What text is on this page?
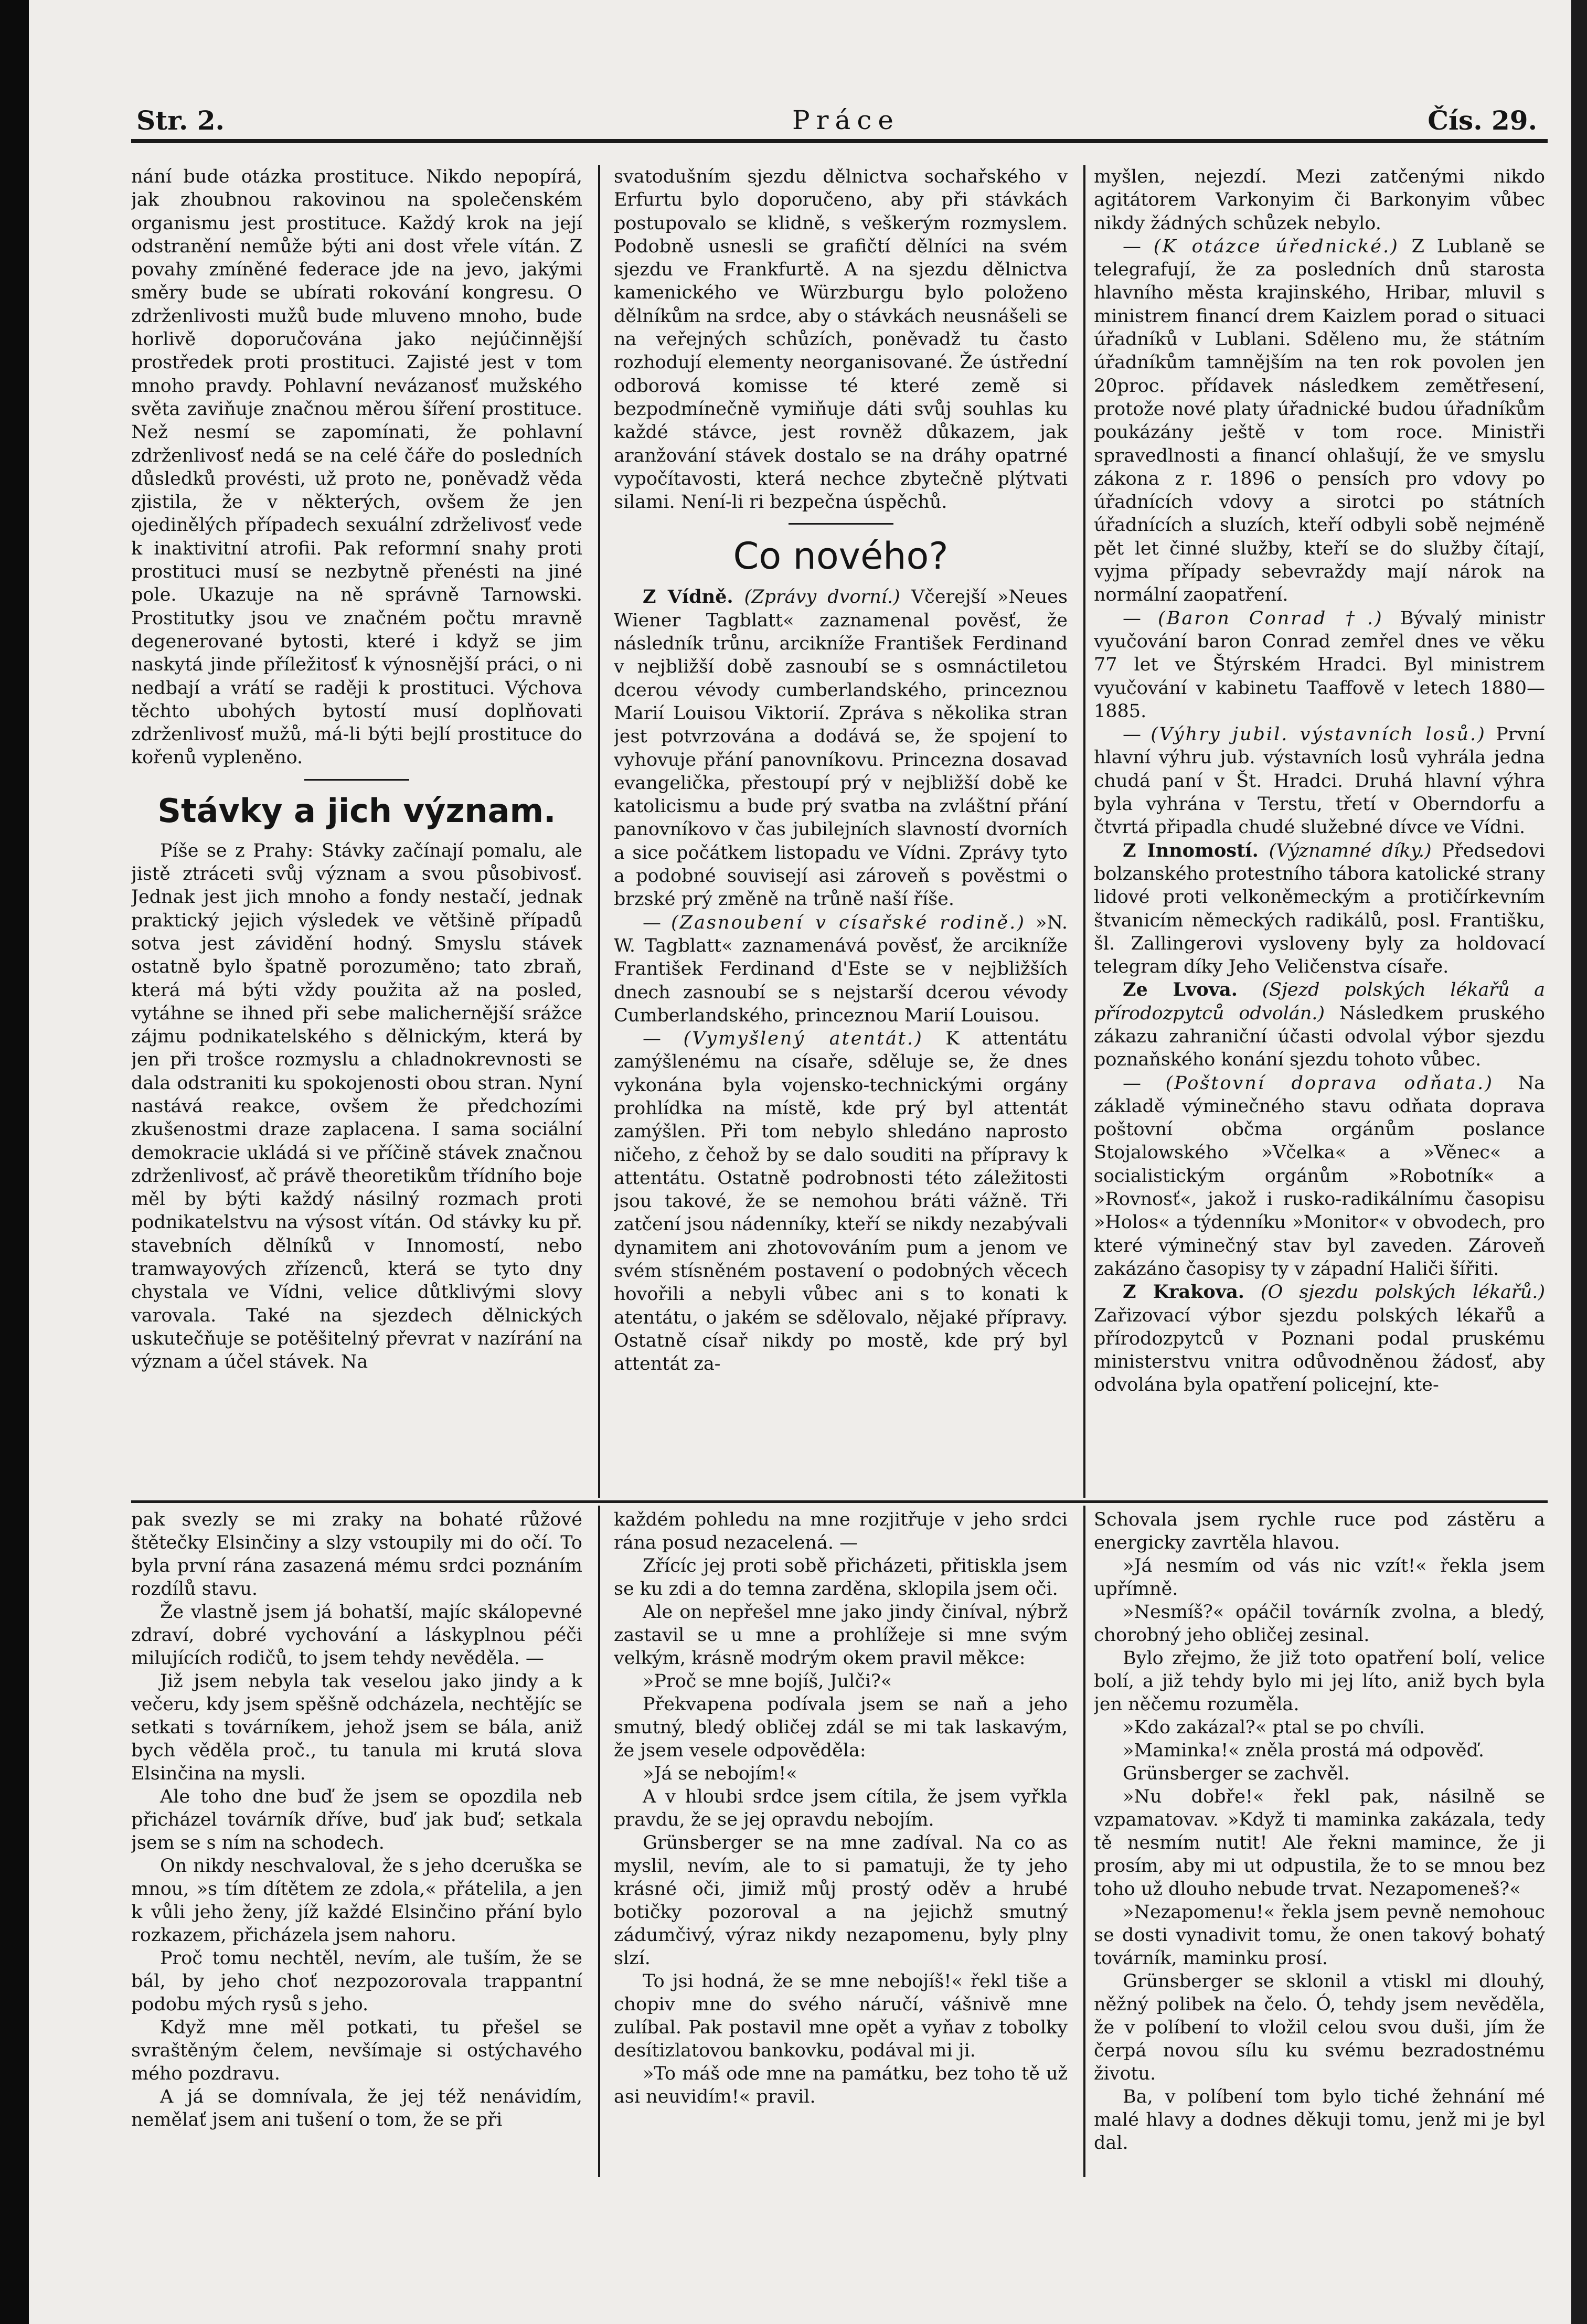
Str. 2.	Práce	Čís. 29.

nání bude otázka prostituce. Nikdo nepopírá, jak zhoubnou rakovinou na společenském organismu jest prostituce. Každý krok na její odstranění nemůže býti ani dost vřele vítán. Z povahy zmíněné federace jde na jevo, jakými směry bude se ubírati rokování kongresu. O zdrženlivosti mužů bude mluveno mnoho, bude horlivě doporučována jako nejúčinnější prostředek proti prostituci. Zajisté jest v tom mnoho pravdy. Pohlavní nevázanosť mužského světa zaviňuje značnou měrou šíření prostituce. Než nesmí se zapomínati, že pohlavní zdrženlivosť nedá se na celé čáře do posledních důsledků provésti, už proto ne, poněvadž věda zjistila, že v některých, ovšem že jen ojedinělých případech sexuální zdrželivosť vede k inaktivitní atrofii. Pak reformní snahy proti prostituci musí se nezbytně přenésti na jiné pole. Ukazuje na ně správně Tarnowski. Prostitutky jsou ve značném počtu mravně degenerované bytosti, které i když se jim naskytá jinde příležitosť k výnosnější práci, o ni nedbají a vrátí se raději k prostituci. Výchova těchto ubohých bytostí musí doplňovati zdrženlivosť mužů, má-li býti bejlí prostituce do kořenů vypleněno.

Stávky a jich význam.

Píše se z Prahy: Stávky začínají pomalu, ale jistě ztráceti svůj význam a svou působivosť. Jednak jest jich mnoho a fondy nestačí, jednak praktický jejich výsledek ve většině případů sotva jest závidění hodný. Smyslu stávek ostatně bylo špatně porozuměno; tato zbraň, která má býti vždy použita až na posled, vytáhne se ihned při sebe malichernější srážce zájmu podnikatelského s dělnickým, která by jen při trošce rozmyslu a chladnokrevnosti se dala odstraniti ku spokojenosti obou stran. Nyní nastává reakce, ovšem že předchozími zkušenostmi draze zaplacena. I sama sociální demokracie ukládá si ve příčině stávek značnou zdrženlivosť, ač právě theoretikům třídního boje měl by býti každý násilný rozmach proti podnikatelstvu na výsost vítán. Od stávky ku př. stavebních dělníků v Innomostí, nebo tramwayových zřízenců, která se tyto dny chystala ve Vídni, velice důtklivými slovy varovala. Také na sjezdech dělnických uskutečňuje se potěšitelný převrat v nazírání na význam a účel stávek. Na

svatodušním sjezdu dělnictva sochařského v Erfurtu bylo doporučeno, aby při stávkách postupovalo se klidně, s veškerým rozmyslem. Podobně usnesli se grafičtí dělníci na svém sjezdu ve Frankfurtě. A na sjezdu dělnictva kamenického ve Würzburgu bylo položeno dělníkům na srdce, aby o stávkách neusnášeli se na veřejných schůzích, poněvadž tu často rozhodují elementy neorganisované. Že ústřední odborová komisse té které země si bezpodmínečně vymiňuje dáti svůj souhlas ku každé stávce, jest rovněž důkazem, jak aranžování stávek dostalo se na dráhy opatrné vypočítavosti, která nechce zbytečně plýtvati silami. Není-li ri bezpečna úspěchů.

Co nového?

Z Vídně. (Zprávy dvorní.) Včerejší »Neues Wiener Tagblatt« zaznamenal pověsť, že následník trůnu, arcikníže František Ferdinand v nejbližší době zasnoubí se s osmnáctiletou dcerou vévody cumberlandského, princeznou Marií Louisou Viktorií. Zpráva s několika stran jest potvrzována a dodává se, že spojení to vyhovuje přání panovníkovu. Princezna dosavad evangelička, přestoupí prý v nejbližší době ke katolicismu a bude prý svatba na zvláštní přání panovníkovo v čas jubilejních slavností dvorních a sice počátkem listopadu ve Vídni. Zprávy tyto a podobné souvisejí asi zároveň s pověstmi o brzské prý změně na trůně naší říše.

— (Zasnoubení v císařské rodině.) »N. W. Tagblatt« zaznamenává pověsť, že arcikníže František Ferdinand d'Este se v nejbližších dnech zasnoubí se s nejstarší dcerou vévody Cumberlandského, princeznou Marií Louisou.

— (Vymyšlený atentát.) K attentátu zamýšlenému na císaře, sděluje se, že dnes vykonána byla vojensko-technickými orgány prohlídka na místě, kde prý byl attentát zamýšlen. Při tom nebylo shledáno naprosto ničeho, z čehož by se dalo souditi na přípravy k attentátu. Ostatně podrobnosti této záležitosti jsou takové, že se nemohou bráti vážně. Tři zatčení jsou nádenníky, kteří se nikdy nezabývali dynamitem ani zhotovováním pum a jenom ve svém stísněném postavení o podobných věcech hovořili a nebyli vůbec ani s to konati k atentátu, o jakém se sdělovalo, nějaké přípravy. Ostatně císař nikdy po mostě, kde prý byl attentát za-

myšlen, nejezdí. Mezi zatčenými nikdo agitátorem Varkonyim či Barkonyim vůbec nikdy žádných schůzek nebylo.

— (K otázce úřednické.) Z Lublaně se telegrafují, že za posledních dnů starosta hlavního města krajinského, Hribar, mluvil s ministrem financí drem Kaizlem porad o situaci úřadníků v Lublani. Sděleno mu, že státním úřadníkům tamnějším na ten rok povolen jen 20proc. přídavek následkem zemětřesení, protože nové platy úřadnické budou úřadníkům poukázány ještě v tom roce. Ministři spravedlnosti a financí ohlašují, že ve smyslu zákona z r. 1896 o pensích pro vdovy po úřadnících vdovy a sirotci po státních úřadnících a sluzích, kteří odbyli sobě nejméně pět let činné služby, kteří se do služby čítají, vyjma případy sebevraždy mají nárok na normální zaopatření.

— (Baron Conrad †.) Bývalý ministr vyučování baron Conrad zemřel dnes ve věku 77 let ve Štýrském Hradci. Byl ministrem vyučování v kabinetu Taaffově v letech 1880—1885.

— (Výhry jubil. výstavních losů.) První hlavní výhru jub. výstavních losů vyhrála jedna chudá paní v Št. Hradci. Druhá hlavní výhra byla vyhrána v Terstu, třetí v Oberndorfu a čtvrtá připadla chudé služebné dívce ve Vídni.

Z Innomostí. (Významné díky.) Předsedovi bolzanského protestního tábora katolické strany lidové proti velkoněmeckým a protičírkevním štvanicím německých radikálů, posl. Františku, šl. Zallingerovi vysloveny byly za holdovací telegram díky Jeho Veličenstva císaře.

Ze Lvova. (Sjezd polských lékařů a přírodozpytců odvolán.) Následkem pruského zákazu zahraniční účasti odvolal výbor sjezdu poznaňského konání sjezdu tohoto vůbec.

— (Poštovní doprava odňata.) Na základě výminečného stavu odňata doprava poštovní občma orgánům poslance Stojalowského »Včelka« a »Věnec« a socialistickým orgánům »Robotník« a »Rovnosť«, jakož i rusko-radikálnímu časopisu »Holos« a týdenníku »Monitor« v obvodech, pro které výminečný stav byl zaveden. Zároveň zakázáno časopisy ty v západní Haliči šířiti.

Z Krakova. (O sjezdu polských lékařů.) Zařizovací výbor sjezdu polských lékařů a přírodozpytců v Poznani podal pruskému ministerstvu vnitra odůvodněnou žádosť, aby odvolána byla opatření policejní, kte-

pak svezly se mi zraky na bohaté růžové štětečky Elsinčiny a slzy vstoupily mi do očí. To byla první rána zasazená mému srdci poznáním rozdílů stavu.

Že vlastně jsem já bohatší, majíc skálopevné zdraví, dobré vychování a láskyplnou péči milujících rodičů, to jsem tehdy nevěděla. —

Již jsem nebyla tak veselou jako jindy a k večeru, kdy jsem spěšně odcházela, nechtějíc se setkati s továrníkem, jehož jsem se bála, aniž bych věděla proč., tu tanula mi krutá slova Elsinčina na mysli.

Ale toho dne buď že jsem se opozdila neb přicházel továrník dříve, buď jak buď; setkala jsem se s ním na schodech.

On nikdy neschvaloval, že s jeho dceruška se mnou, »s tím dítětem ze zdola,« přátelila, a jen k vůli jeho ženy, jíž každé Elsinčino přání bylo rozkazem, přicházela jsem nahoru.

Proč tomu nechtěl, nevím, ale tuším, že se bál, by jeho choť nezpozorovala trappantní podobu mých rysů s jeho.

Když mne měl potkati, tu přešel se svraštěným čelem, nevšímaje si ostýchavého mého pozdravu.

A já se domnívala, že jej též nenávidím, nemělať jsem ani tušení o tom, že se při

každém pohledu na mne rozjitřuje v jeho srdci rána posud nezacelená. —

Zřícíc jej proti sobě přicházeti, přitiskla jsem se ku zdi a do temna zarděna, sklopila jsem oči.

Ale on nepřešel mne jako jindy činíval, nýbrž zastavil se u mne a prohlížeje si mne svým velkým, krásně modrým okem pravil měkce:

»Proč se mne bojíš, Julči?«

Překvapena podívala jsem se naň a jeho smutný, bledý obličej zdál se mi tak laskavým, že jsem vesele odpověděla:

»Já se nebojím!«

A v hloubi srdce jsem cítila, že jsem vyřkla pravdu, že se jej opravdu nebojím.

Grünsberger se na mne zadíval. Na co as myslil, nevím, ale to si pamatuji, že ty jeho krásné oči, jimiž můj prostý oděv a hrubé botičky pozoroval a na jejichž smutný zádumčivý, výraz nikdy nezapomenu, byly plny slzí.

To jsi hodná, že se mne nebojíš!« řekl tiše a chopiv mne do svého náručí, vášnivě mne zulíbal. Pak postavil mne opět a vyňav z tobolky desítizlatovou bankovku, podával mi ji.

»To máš ode mne na památku, bez toho tě už asi neuvidím!« pravil.

Schovala jsem rychle ruce pod zástěru a energicky zavrtěla hlavou.

»Já nesmím od vás nic vzít!« řekla jsem upřímně.

»Nesmíš?« opáčil továrník zvolna, a bledý, chorobný jeho obličej zesinal.

Bylo zřejmo, že již toto opatření bolí, velice bolí, a již tehdy bylo mi jej líto, aniž bych byla jen něčemu rozuměla.

»Kdo zakázal?« ptal se po chvíli.

»Maminka!« zněla prostá má odpověď.

Grünsberger se zachvěl.

»Nu dobře!« řekl pak, násilně se vzpamatovav. »Když ti maminka zakázala, tedy tě nesmím nutit! Ale řekni mamince, že ji prosím, aby mi ut odpustila, že to se mnou bez toho už dlouho nebude trvat. Nezapomeneš?«

»Nezapomenu!« řekla jsem pevně nemohouc se dosti vynadivit tomu, že onen takový bohatý továrník, maminku prosí.

Grünsberger se sklonil a vtiskl mi dlouhý, něžný polibek na čelo. Ó, tehdy jsem nevěděla, že v políbení to vložil celou svou duši, jím že čerpá novou sílu ku svému bezradostnému životu.

Ba, v políbení tom bylo tiché žehnání mé malé hlavy a dodnes děkuji tomu, jenž mi je byl dal.
